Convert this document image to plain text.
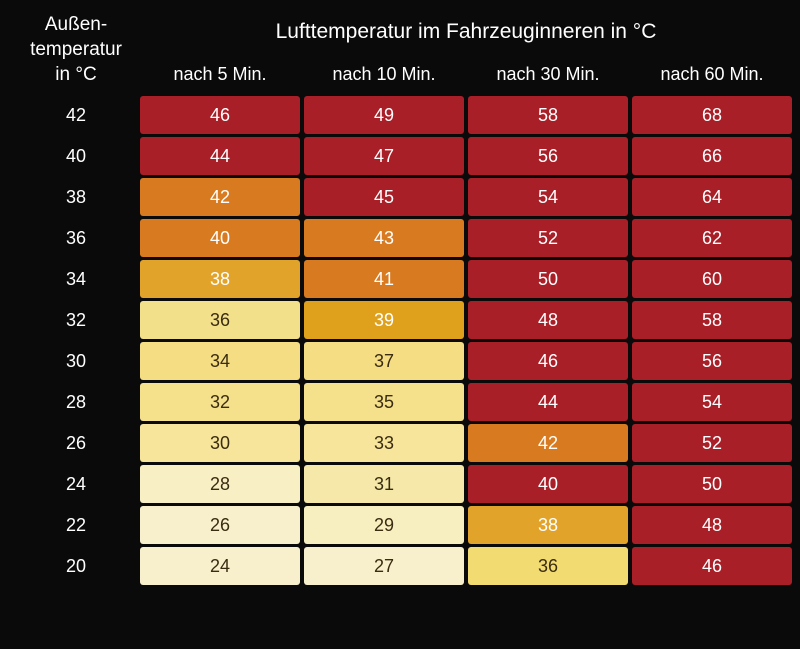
Außen-
temperatur
in °C	Lufttemperatur im Fahrzeuginneren in °C			
	nach 5 Min.	nach 10 Min.	nach 30 Min.	nach 60 Min.
42	46	49	58	68
40	44	47	56	66
38	42	45	54	64
36	40	43	52	62
34	38	41	50	60
32	36	39	48	58
30	34	37	46	56
28	32	35	44	54
26	30	33	42	52
24	28	31	40	50
22	26	29	38	48
20	24	27	36	46
